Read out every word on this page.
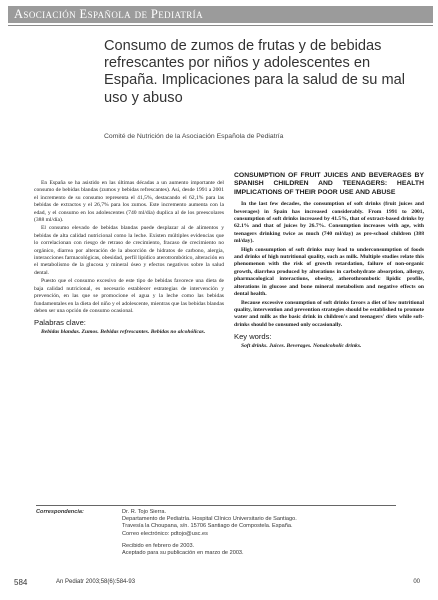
Asociación Española de Pediatría
Consumo de zumos de frutas y de bebidas refrescantes por niños y adolescentes en España. Implicaciones para la salud de su mal uso y abuso
Comité de Nutrición de la Asociación Española de Pediatría

En España se ha asistido en las últimas décadas a un aumento importante del consumo de bebidas blandas (zumos y bebidas refrescantes). Así, desde 1991 a 2001 el incremento de su consumo representa el 41,5%, destacando el 62,1% para las bebidas de extractos y el 26,7% para los zumos. Este incremento aumenta con la edad, y el consumo en los adolescentes (740 ml/día) duplica al de los preescolares (388 ml/día).

El consumo elevado de bebidas blandas puede desplazar al de alimentos y bebidas de alta calidad nutricional como la leche. Existen múltiples evidencias que lo correlacionan con riesgo de retraso de crecimiento, fracaso de crecimiento no orgánico, diarrea por alteración de la absorción de hidratos de carbono, alergia, interacciones farmacológicas, obesidad, perfil lipídico aterotrombótico, alteración en el metabolismo de la glucosa y mineral óseo y efectos negativos sobre la salud dental.

Puesto que el consumo excesivo de este tipo de bebidas favorece una dieta de baja calidad nutricional, es necesario establecer estrategias de intervención y prevención, en las que se promocione el agua y la leche como las bebidas fundamentales en la dieta del niño y el adolescente, mientras que las bebidas blandas deben ser una opción de consumo ocasional.

Palabras clave:

Bebidas blandas. Zumos. Bebidas refrescantes. Bebidas no alcohólicas.

CONSUMPTION OF FRUIT JUICES AND BEVERAGES BY SPANISH CHILDREN AND TEENAGERS: HEALTH IMPLICATIONS OF THEIR POOR USE AND ABUSE

In the last few decades, the consumption of soft drinks (fruit juices and beverages) in Spain has increased considerably. From 1991 to 2001, consumption of soft drinks increased by 41.5%, that of extract-based drinks by 62.1% and that of juices by 26.7%. Consumption increases with age, with teenagers drinking twice as much (740 ml/day) as pre-school children (388 ml/day).

High consumption of soft drinks may lead to underconsumption of foods and drinks of high nutritional quality, such as milk. Multiple studies relate this phenomenon with the risk of growth retardation, failure of non-organic growth, diarrhea produced by alterations in carbohydrate absorption, allergy, pharmacological interactions, obesity, atherothrombotic lipidic profile, alterations in glucose and bone mineral metabolism and negative effects on dental health.

Because excessive consumption of soft drinks favors a diet of low nutritional quality, intervention and prevention strategies should be established to promote water and milk as the basic drink in children's and teenagers' diets while soft-drinks should be consumed only occasionally.

Key words:

Soft drinks. Juices. Beverages. Nonalcoholic drinks.

Correspondencia:	Dr. R. Tojo Sierra.
Departamento de Pediatría. Hospital Clínico Universitario de Santiago.
Travesía la Choupana, s/n. 15706 Santiago de Compostela. España.
Correo electrónico: pdtojo@usc.es
Recibido en febrero de 2003.
Aceptado para su publicación en marzo de 2003.
584	An Pediatr 2003;58(6):584-93	00
